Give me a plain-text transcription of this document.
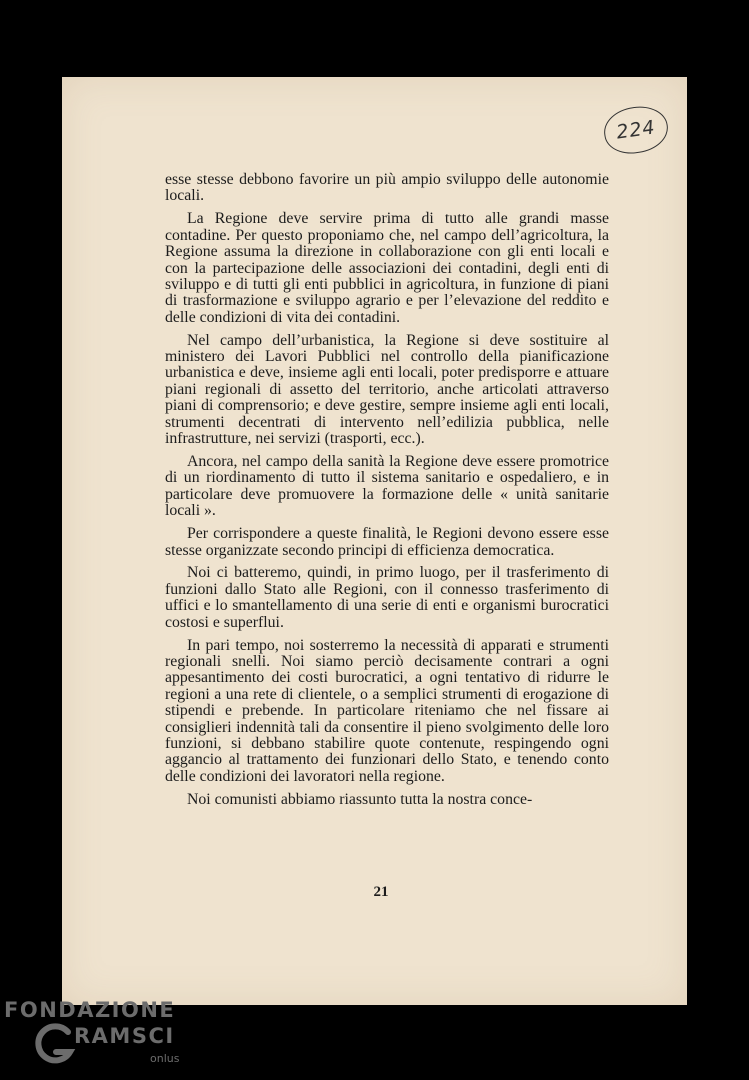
224

esse stesse debbono favorire un più ampio sviluppo delle autonomie locali.

La Regione deve servire prima di tutto alle grandi masse contadine. Per questo proponiamo che, nel campo dell’agricoltura, la Regione assuma la direzione in collaborazione con gli enti locali e con la partecipazione delle associazioni dei contadini, degli enti di sviluppo e di tutti gli enti pubblici in agricoltura, in funzione di piani di trasformazione e sviluppo agrario e per l’elevazione del reddito e delle condizioni di vita dei contadini.

Nel campo dell’urbanistica, la Regione si deve sostituire al ministero dei Lavori Pubblici nel controllo della pianificazione urbanistica e deve, insieme agli enti locali, poter predisporre e attuare piani regionali di assetto del territorio, anche articolati attraverso piani di comprensorio; e deve gestire, sempre insieme agli enti locali, strumenti decentrati di intervento nell’edilizia pubblica, nelle infrastrutture, nei servizi (trasporti, ecc.).

Ancora, nel campo della sanità la Regione deve essere promotrice di un riordinamento di tutto il sistema sanitario e ospedaliero, e in particolare deve promuovere la formazione delle « unità sanitarie locali ».

Per corrispondere a queste finalità, le Regioni devono essere esse stesse organizzate secondo principi di efficienza democratica.

Noi ci batteremo, quindi, in primo luogo, per il trasferimento di funzioni dallo Stato alle Regioni, con il connesso trasferimento di uffici e lo smantellamento di una serie di enti e organismi burocratici costosi e superflui.

In pari tempo, noi sosterremo la necessità di apparati e strumenti regionali snelli. Noi siamo perciò decisamente contrari a ogni appesantimento dei costi burocratici, a ogni tentativo di ridurre le regioni a una rete di clientele, o a semplici strumenti di erogazione di stipendi e prebende. In particolare riteniamo che nel fissare ai consiglieri indennità tali da consentire il pieno svolgimento delle loro funzioni, si debbano stabilire quote contenute, respingendo ogni aggancio al trattamento dei funzionari dello Stato, e tenendo conto delle condizioni dei lavoratori nella regione.

Noi comunisti abbiamo riassunto tutta la nostra conce-

21
FONDAZIONE
RAMSCI
onlus
